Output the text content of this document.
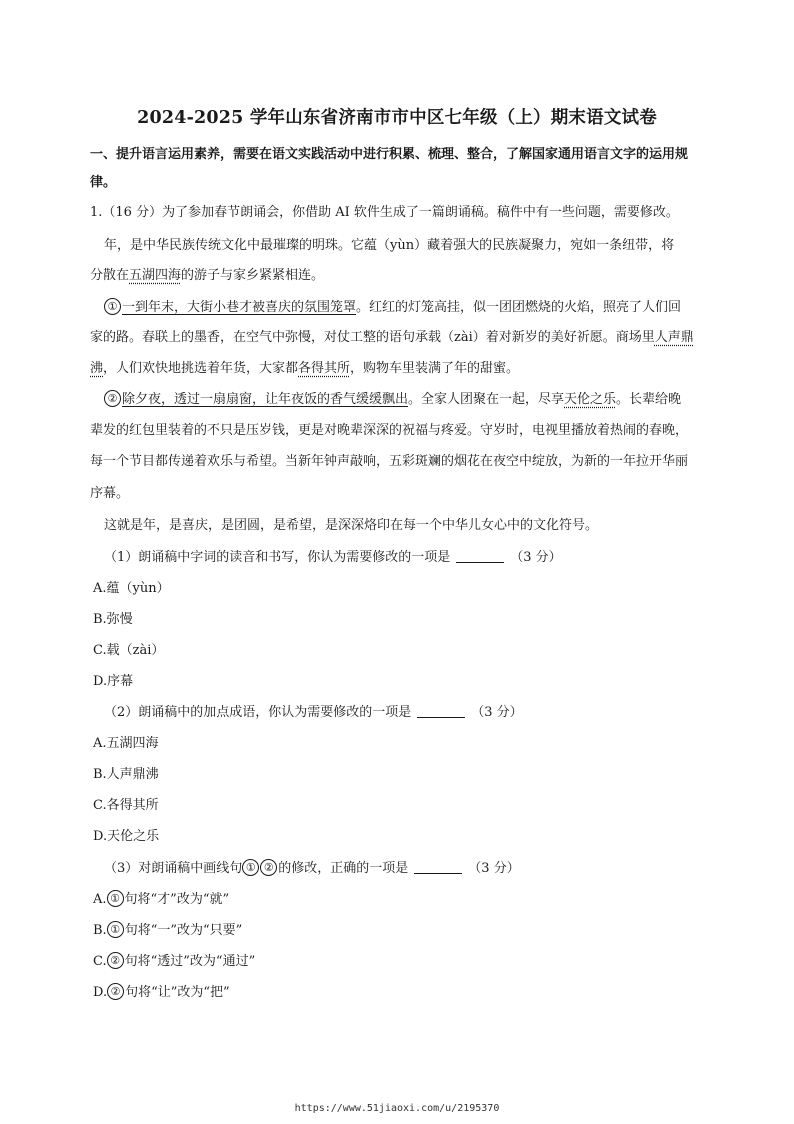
2024-2025 学年山东省济南市市中区七年级（上）期末语文试卷
一、提升语言运用素养，需要在语文实践活动中进行积累、梳理、整合，了解国家通用语言文字的运用规
律。
1.（16 分）为了参加春节朗诵会，你借助 AI 软件生成了一篇朗诵稿。稿件中有一些问题，需要修改。
年，是中华民族传统文化中最璀璨的明珠。它蕴（yùn）藏着强大的民族凝聚力，宛如一条纽带，将
分散在五湖四海的游子与家乡紧紧相连。
① 一到年末，大街小巷才被喜庆的氛围笼罩。红红的灯笼高挂，似一团团燃烧的火焰，照亮了人们回
家的路。春联上的墨香，在空气中弥慢，对仗工整的语句承载（zài）着对新岁的美好祈愿。商场里人声鼎
沸，人们欢快地挑选着年货，大家都各得其所，购物车里装满了年的甜蜜。
② 除夕夜，透过一扇扇窗，让年夜饭的香气缓缓飘出。全家人团聚在一起，尽享天伦之乐。长辈给晚
辈发的红包里装着的不只是压岁钱，更是对晚辈深深的祝福与疼爱。守岁时，电视里播放着热闹的春晚，
每一个节目都传递着欢乐与希望。当新年钟声敲响，五彩斑斓的烟花在夜空中绽放，为新的一年拉开华丽
序幕。
这就是年，是喜庆，是团圆，是希望，是深深烙印在每一个中华儿女心中的文化符号。
（1）朗诵稿中字词的读音和书写，你认为需要修改的一项是	（3 分）
A.蕴（yùn）
B.弥慢
C.载（zài）
D.序幕
（2）朗诵稿中的加点成语，你认为需要修改的一项是	（3 分）
A.五湖四海
B.人声鼎沸
C.各得其所
D.天伦之乐
（3）对朗诵稿中画线句 ① ② 的修改，正确的一项是	（3 分）
A. ① 句将“才”改为“就”
B. ① 句将“一”改为“只要”
C. ② 句将“透过”改为“通过”
D. ② 句将“让”改为“把”
https://www.51jiaoxi.com/u/2195370
